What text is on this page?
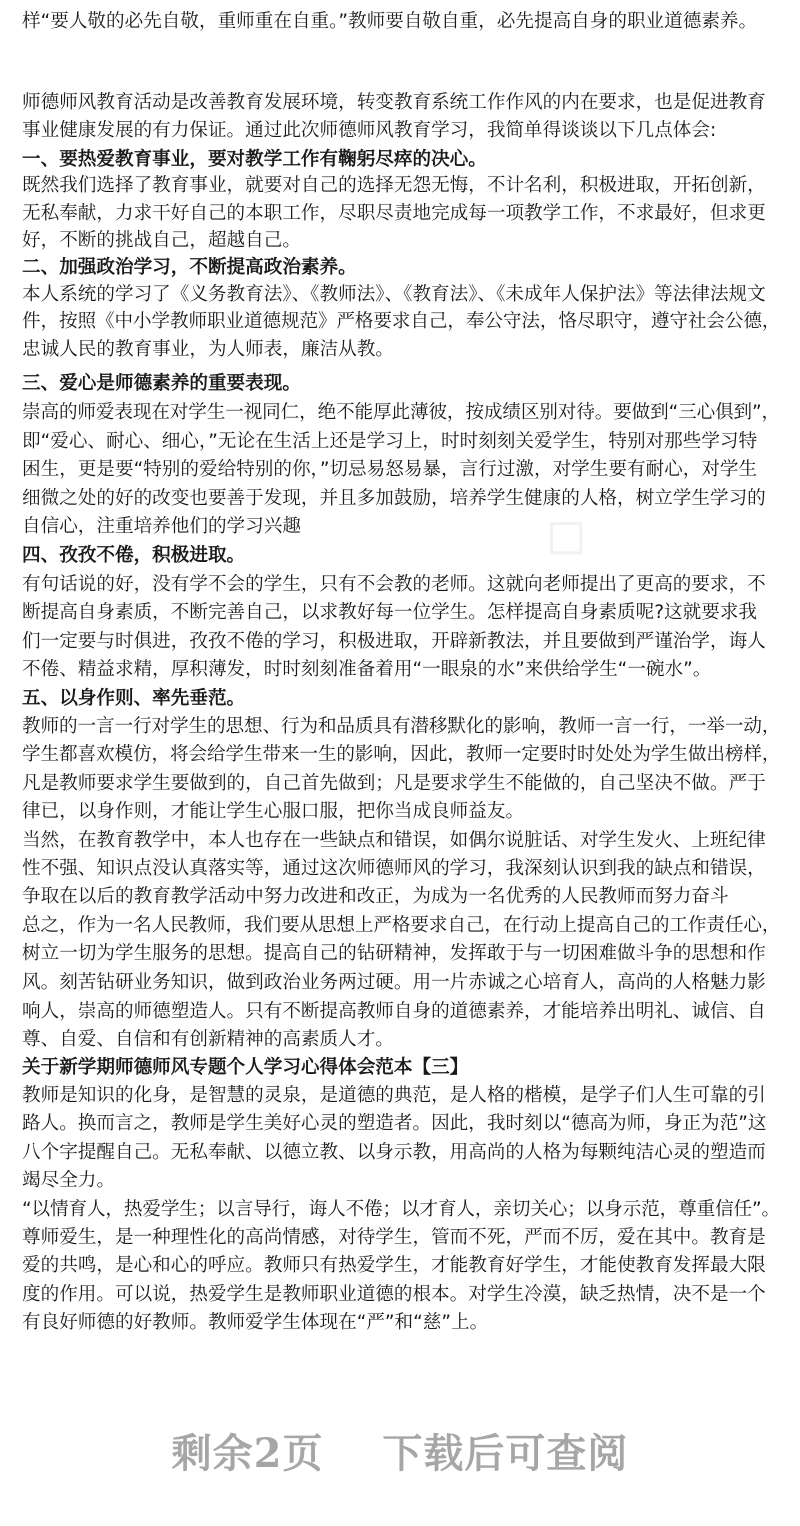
样“要人敬的必先自敬，重师重在自重。”教师要自敬自重，必先提高自身的职业道德素养。
师德师风教育活动是改善教育发展环境，转变教育系统工作作风的内在要求，也是促进教育
事业健康发展的有力保证。通过此次师德师风教育学习，我简单得谈谈以下几点体会:
一、要热爱教育事业，要对教学工作有鞠躬尽瘁的决心。
既然我们选择了教育事业，就要对自己的选择无怨无悔，不计名利，积极进取，开拓创新，
无私奉献，力求干好自己的本职工作，尽职尽责地完成每一项教学工作，不求最好，但求更
好，不断的挑战自己，超越自己。
二、加强政治学习，不断提高政治素养。
本人系统的学习了《义务教育法》、《教师法》、《教育法》、《未成年人保护法》等法律法规文
件，按照《中小学教师职业道德规范》严格要求自己，奉公守法，恪尽职守，遵守社会公德，
忠诚人民的教育事业，为人师表，廉洁从教。
三、爱心是师德素养的重要表现。
崇高的师爱表现在对学生一视同仁，绝不能厚此薄彼，按成绩区别对待。要做到“三心俱到”，
即“爱心、耐心、细心，”无论在生活上还是学习上，时时刻刻关爱学生，特别对那些学习特
困生，更是要“特别的爱给特别的你，”切忌易怒易暴，言行过激，对学生要有耐心，对学生
细微之处的好的改变也要善于发现，并且多加鼓励，培养学生健康的人格，树立学生学习的
自信心，注重培养他们的学习兴趣
四、孜孜不倦，积极进取。
有句话说的好，没有学不会的学生，只有不会教的老师。这就向老师提出了更高的要求，不
断提高自身素质，不断完善自己，以求教好每一位学生。怎样提高自身素质呢?这就要求我
们一定要与时俱进，孜孜不倦的学习，积极进取，开辟新教法，并且要做到严谨治学，诲人
不倦、精益求精，厚积薄发，时时刻刻准备着用“一眼泉的水”来供给学生“一碗水”。
五、以身作则、率先垂范。
教师的一言一行对学生的思想、行为和品质具有潜移默化的影响，教师一言一行，一举一动，
学生都喜欢模仿，将会给学生带来一生的影响，因此，教师一定要时时处处为学生做出榜样，
凡是教师要求学生要做到的，自己首先做到；凡是要求学生不能做的，自己坚决不做。严于
律已，以身作则，才能让学生心服口服，把你当成良师益友。
当然，在教育教学中，本人也存在一些缺点和错误，如偶尔说脏话、对学生发火、上班纪律
性不强、知识点没认真落实等，通过这次师德师风的学习，我深刻认识到我的缺点和错误，
争取在以后的教育教学活动中努力改进和改正，为成为一名优秀的人民教师而努力奋斗
总之，作为一名人民教师，我们要从思想上严格要求自己，在行动上提高自己的工作责任心，
树立一切为学生服务的思想。提高自己的钻研精神，发挥敢于与一切困难做斗争的思想和作
风。刻苦钻研业务知识，做到政治业务两过硬。用一片赤诚之心培育人，高尚的人格魅力影
响人，崇高的师德塑造人。只有不断提高教师自身的道德素养，才能培养出明礼、诚信、自
尊、自爱、自信和有创新精神的高素质人才。
关于新学期师德师风专题个人学习心得体会范本【三】
教师是知识的化身，是智慧的灵泉，是道德的典范，是人格的楷模，是学子们人生可靠的引
路人。换而言之，教师是学生美好心灵的塑造者。因此，我时刻以“德高为师，身正为范”这
八个字提醒自己。无私奉献、以德立教、以身示教，用高尚的人格为每颗纯洁心灵的塑造而
竭尽全力。
“以情育人，热爱学生；以言导行，诲人不倦；以才育人，亲切关心；以身示范，尊重信任”。
尊师爱生，是一种理性化的高尚情感，对待学生，管而不死，严而不厉，爱在其中。教育是
爱的共鸣，是心和心的呼应。教师只有热爱学生，才能教育好学生，才能使教育发挥最大限
度的作用。可以说，热爱学生是教师职业道德的根本。对学生冷漠，缺乏热情，决不是一个
有良好师德的好教师。教师爱学生体现在“严”和“慈”上。
◇
剩余2页 下载后可查阅
